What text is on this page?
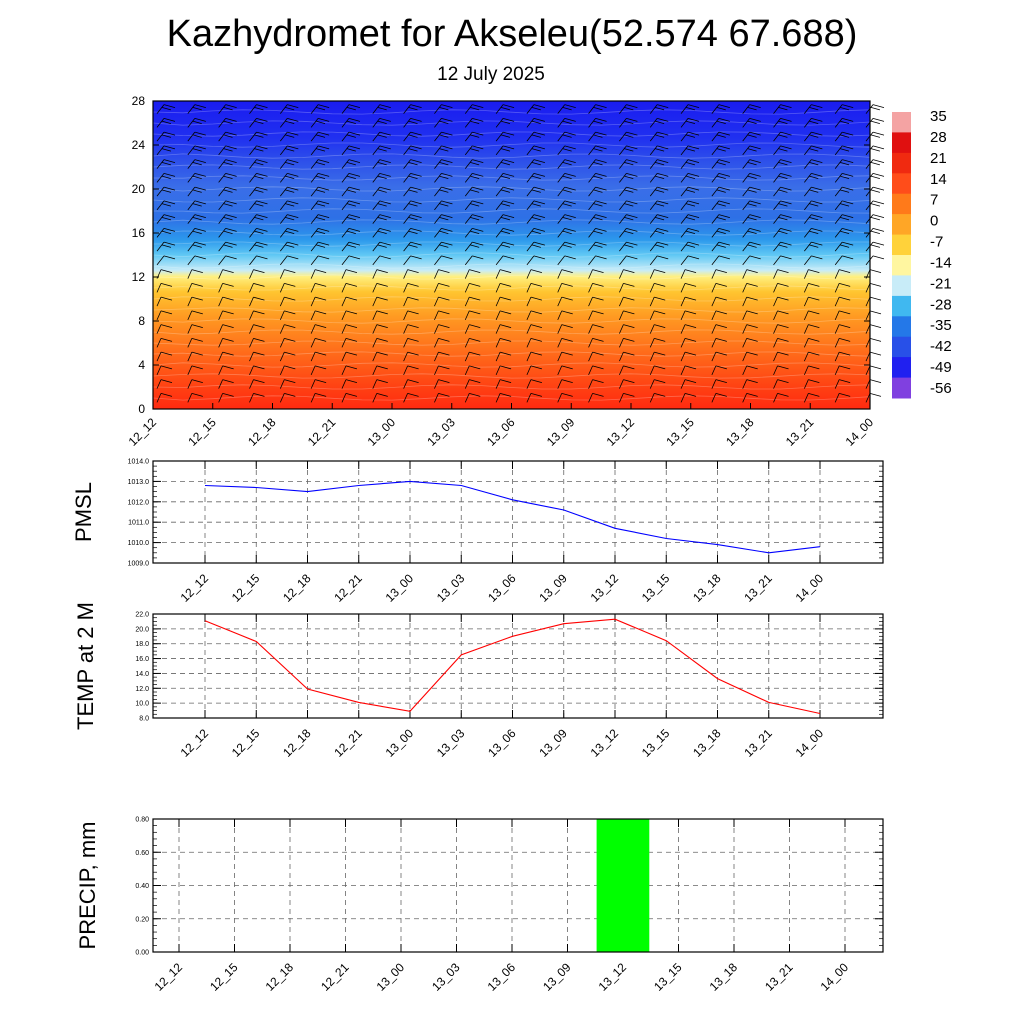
Kazhydromet for Akseleu(52.574 67.688)
12 July 2025
0
4
8
12
16
20
24
28
12_12 12_15 12_18 12_21 13_00 13_03 13_06 13_09 13_12 13_15 13_18 13_21 14_00
35
28
21
14
7
0
-7
-14
-21
-28
-35
-42
-49
-56
1014.0
1013.0
1012.0
1011.0
1010.0
1009.0
12_12 12_15 12_18 12_21 13_00 13_03 13_06 13_09 13_12 13_15 13_18 13_21 14_00
PMSL
22.0
20.0
18.0
16.0
14.0
12.0
10.0
8.0
12_12 12_15 12_18 12_21 13_00 13_03 13_06 13_09 13_12 13_15 13_18 13_21 14_00
TEMP at 2 M
0.80
0.60
0.40
0.20
0.00
12_12 12_15 12_18 12_21 13_00 13_03 13_06 13_09 13_12 13_15 13_18 13_21 14_00
PRECIP, mm
